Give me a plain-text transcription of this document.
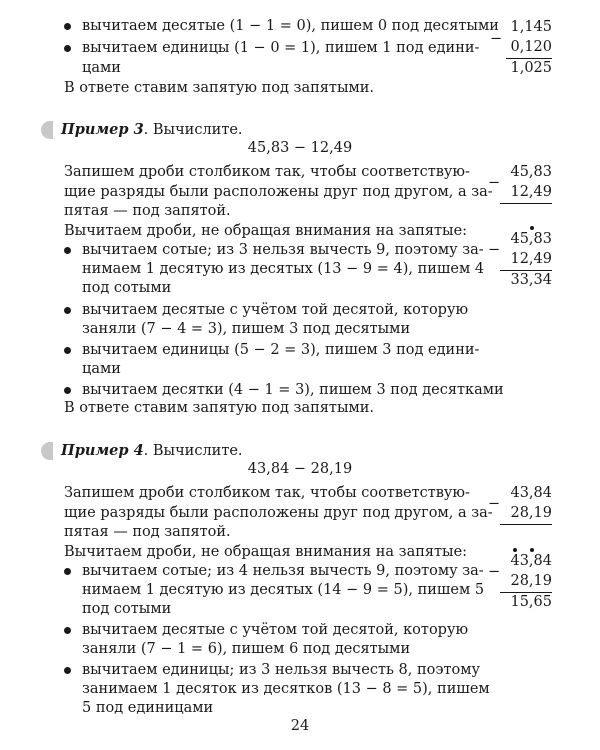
вычитаем десятые (1 − 1 = 0), пишем 0 под десятыми
вычитаем единицы (1 − 0 = 1), пишем 1 под едини-
цами
В ответе ставим запятую под запятыми.
−
1,145
0,120
1,025
Пример 3. Вычислите.
45,83 − 12,49
Запишем дроби столбиком так, чтобы соответствую-
щие разряды были расположены друг под другом, а за-
пятая — под запятой.
Вычитаем дроби, не обращая внимания на запятые:
вычитаем сотые; из 3 нельзя вычесть 9, поэтому за-
нимаем 1 десятую из десятых (13 − 9 = 4), пишем 4
под сотыми
вычитаем десятые с учётом той десятой, которую
заняли (7 − 4 = 3), пишем 3 под десятыми
вычитаем единицы (5 − 2 = 3), пишем 3 под едини-
цами
вычитаем десятки (4 − 1 = 3), пишем 3 под десятками
В ответе ставим запятую под запятыми.
−
45,83
12,49
−
45,83
12,49
33,34
Пример 4. Вычислите.
43,84 − 28,19
Запишем дроби столбиком так, чтобы соответствую-
щие разряды были расположены друг под другом, а за-
пятая — под запятой.
Вычитаем дроби, не обращая внимания на запятые:
вычитаем сотые; из 4 нельзя вычесть 9, поэтому за-
нимаем 1 десятую из десятых (14 − 9 = 5), пишем 5
под сотыми
вычитаем десятые с учётом той десятой, которую
заняли (7 − 1 = 6), пишем 6 под десятыми
вычитаем единицы; из 3 нельзя вычесть 8, поэтому
занимаем 1 десяток из десятков (13 − 8 = 5), пишем
5 под единицами
−
43,84
28,19
−
43,84
28,19
15,65
24
